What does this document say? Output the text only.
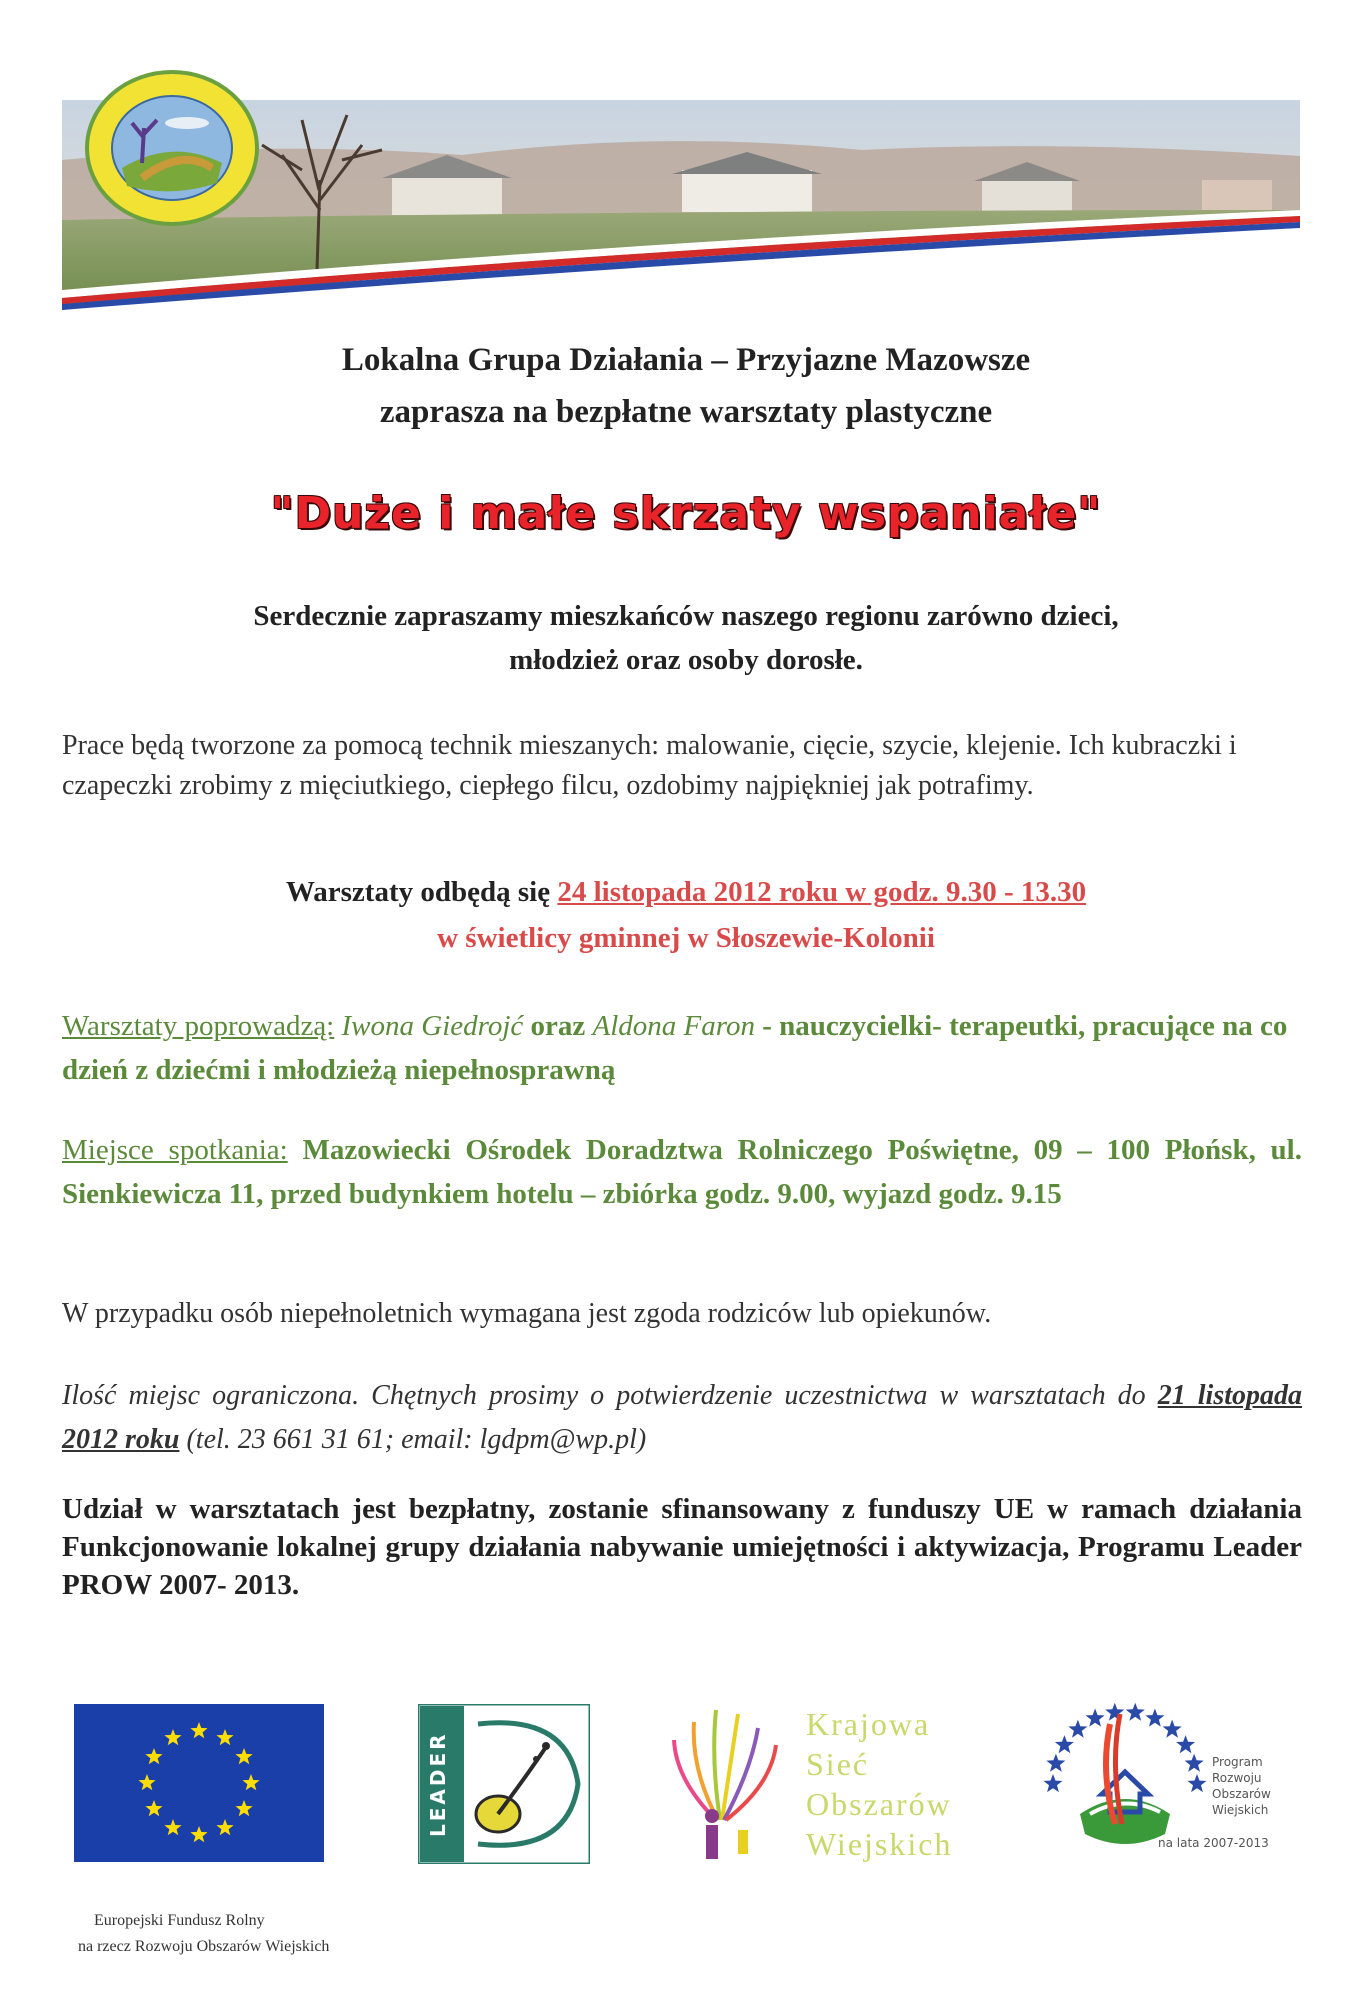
Lokalna Grupa Działania – Przyjazne Mazowsze
zaprasza na bezpłatne warsztaty plastyczne
"Duże i małe skrzaty wspaniałe"
Serdecznie zapraszamy mieszkańców naszego regionu zarówno dzieci,
młodzież oraz osoby dorosłe.
Prace będą tworzone za pomocą technik mieszanych: malowanie, cięcie, szycie, klejenie. Ich kubraczki i czapeczki zrobimy z mięciutkiego, ciepłego filcu, ozdobimy najpiękniej jak potrafimy.
Warsztaty odbędą się 24 listopada 2012 roku w godz. 9.30 - 13.30
w świetlicy gminnej w Słoszewie-Kolonii
Warsztaty poprowadzą: Iwona Giedrojć oraz Aldona Faron - nauczycielki- terapeutki, pracujące na co dzień z dziećmi i młodzieżą niepełnosprawną
Miejsce spotkania: Mazowiecki Ośrodek Doradztwa Rolniczego Poświętne, 09 – 100 Płońsk, ul. Sienkiewicza 11, przed budynkiem hotelu – zbiórka godz. 9.00, wyjazd godz. 9.15
W przypadku osób niepełnoletnich wymagana jest zgoda rodziców lub opiekunów.
Ilość miejsc ograniczona. Chętnych prosimy o potwierdzenie uczestnictwa w warsztatach do 21 listopada 2012 roku (tel. 23 661 31 61; email: lgdpm@wp.pl)
Udział w warsztatach jest bezpłatny, zostanie sfinansowany z funduszy UE w ramach działania Funkcjonowanie lokalnej grupy działania nabywanie umiejętności i aktywizacja, Programu Leader PROW 2007- 2013.
LEADER
Krajowa
Sieć
Obszarów
Wiejskich
Program
Rozwoju
Obszarów
Wiejskich
na lata 2007-2013
Europejski Fundusz Rolny
na rzecz Rozwoju Obszarów Wiejskich
